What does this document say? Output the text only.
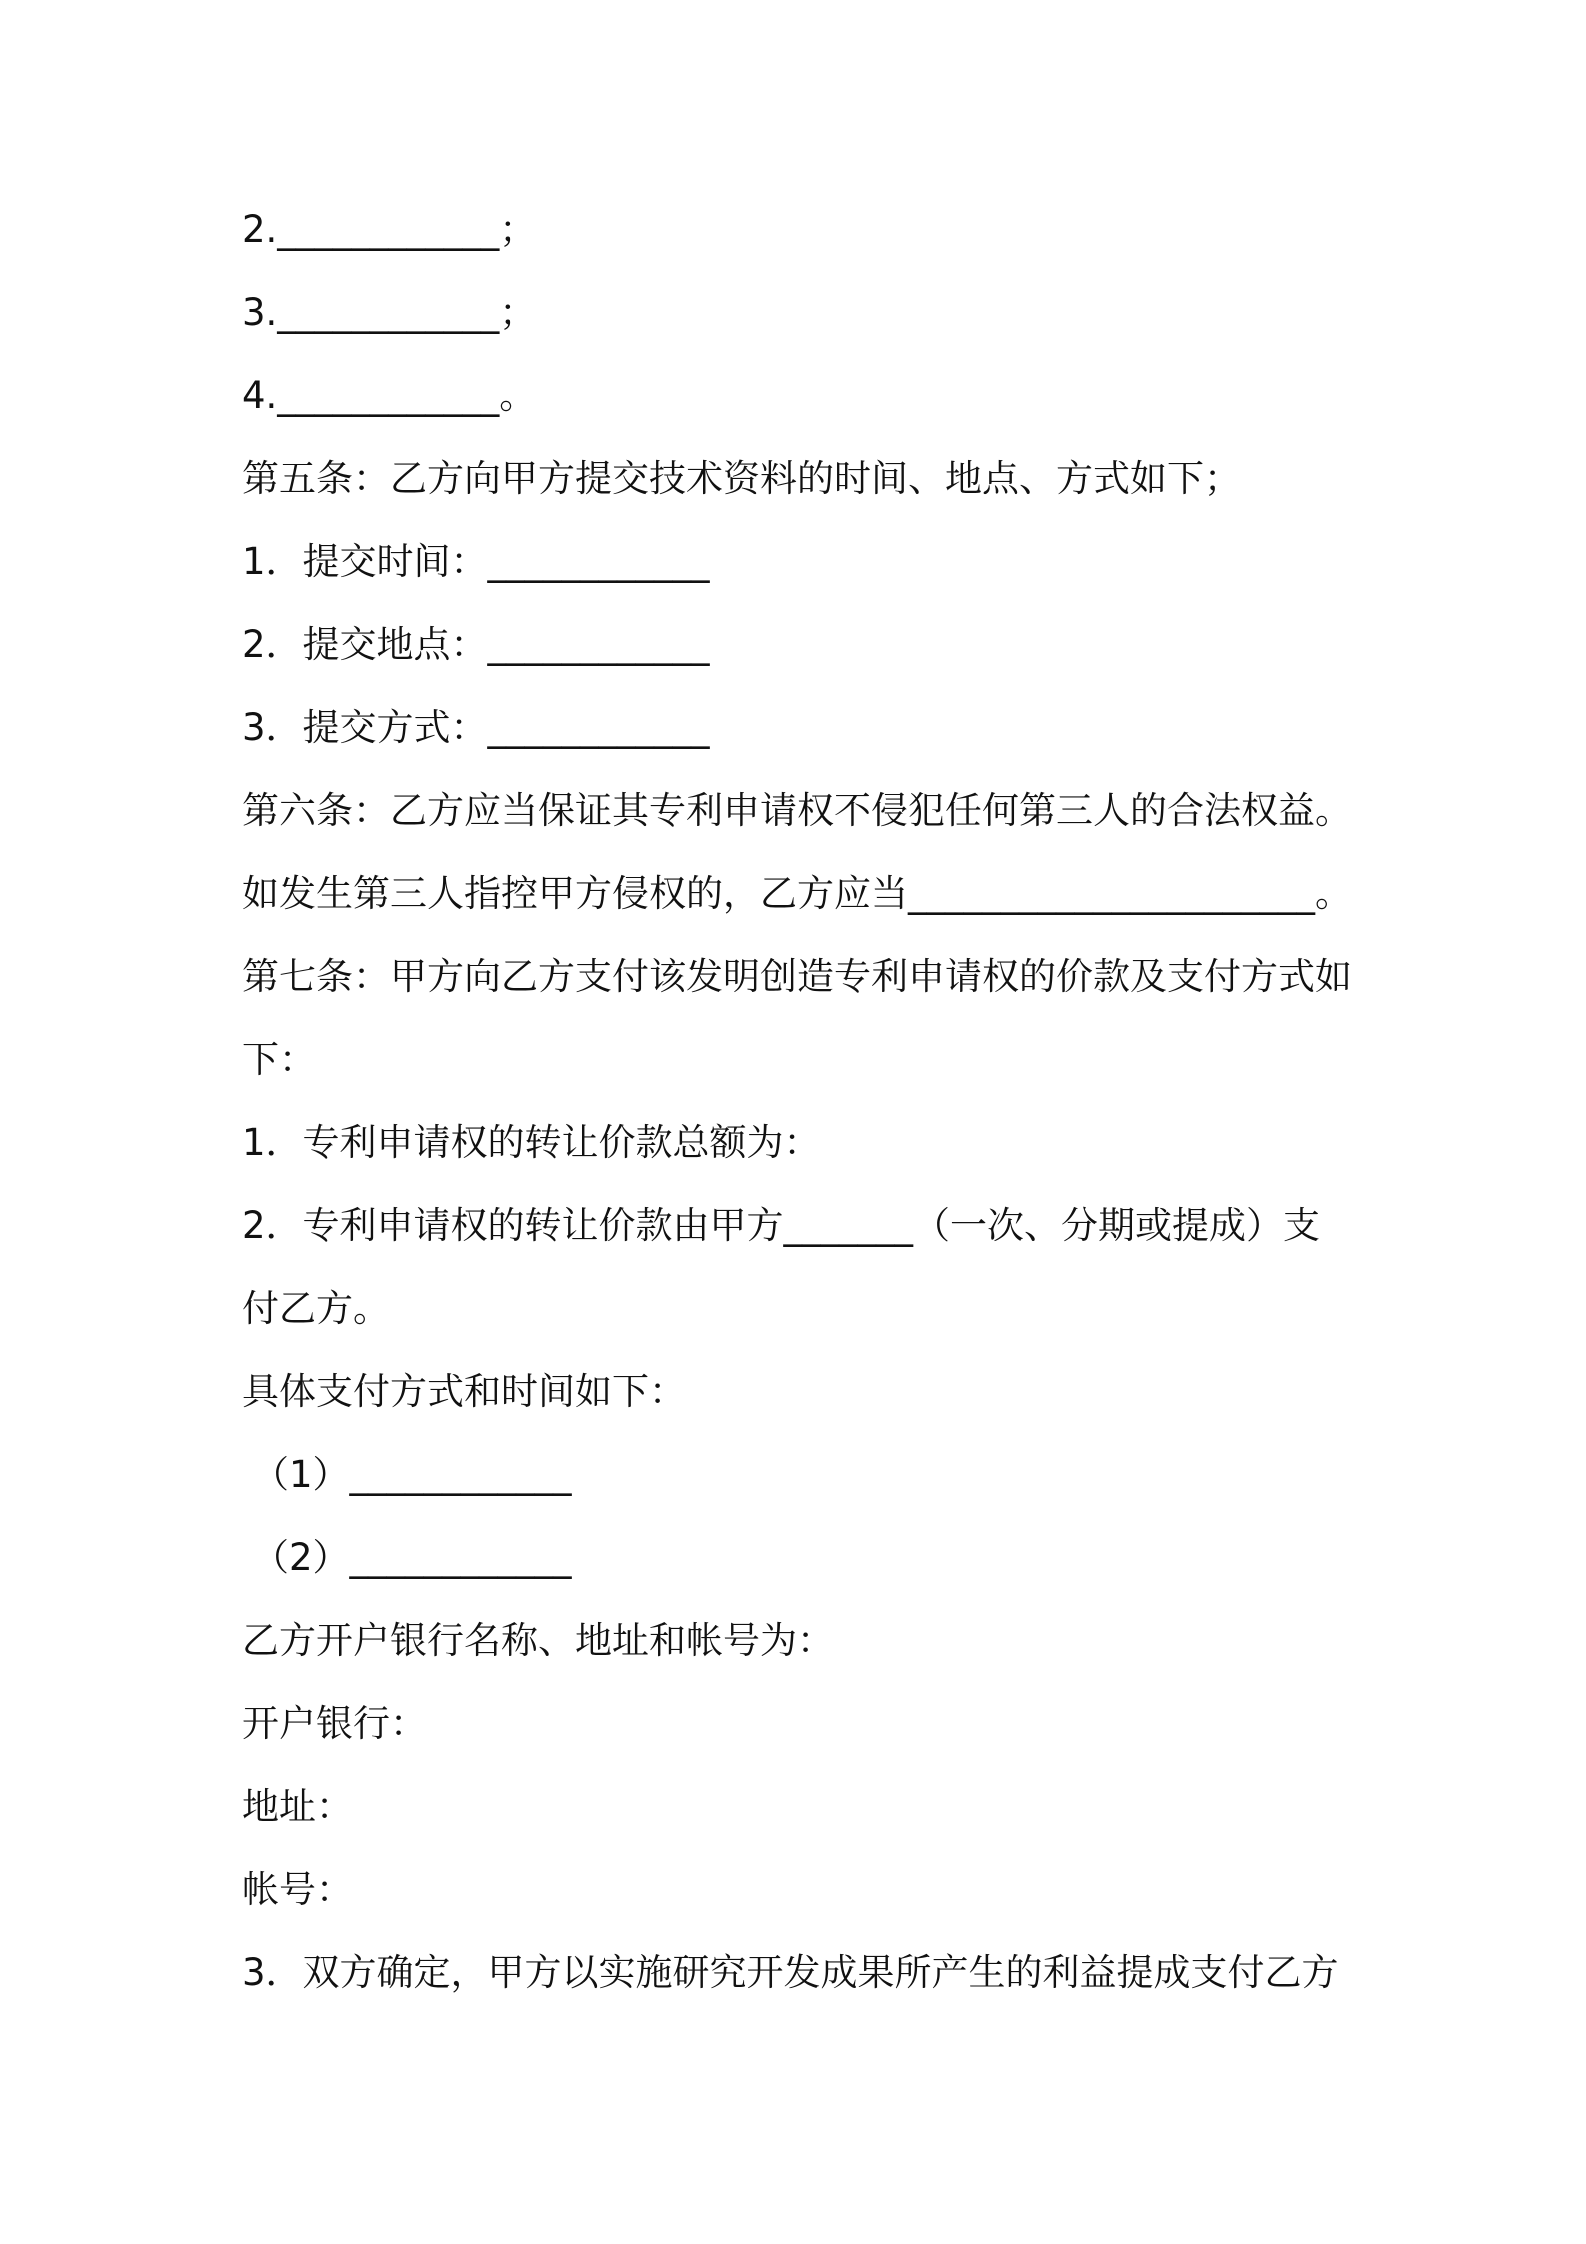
2.____________；
3.____________；
4.____________。
第五条：乙方向甲方提交技术资料的时间、地点、方式如下；
1．提交时间：____________
2．提交地点：____________
3．提交方式：____________
第六条：乙方应当保证其专利申请权不侵犯任何第三人的合法权益。
如发生第三人指控甲方侵权的，乙方应当______________________。
第七条：甲方向乙方支付该发明创造专利申请权的价款及支付方式如
下：
1．专利申请权的转让价款总额为：
2．专利申请权的转让价款由甲方_______（一次、分期或提成）支
付乙方。
具体支付方式和时间如下：
（1）____________
（2）____________
乙方开户银行名称、地址和帐号为：
开户银行：
地址：
帐号：
3．双方确定，甲方以实施研究开发成果所产生的利益提成支付乙方
